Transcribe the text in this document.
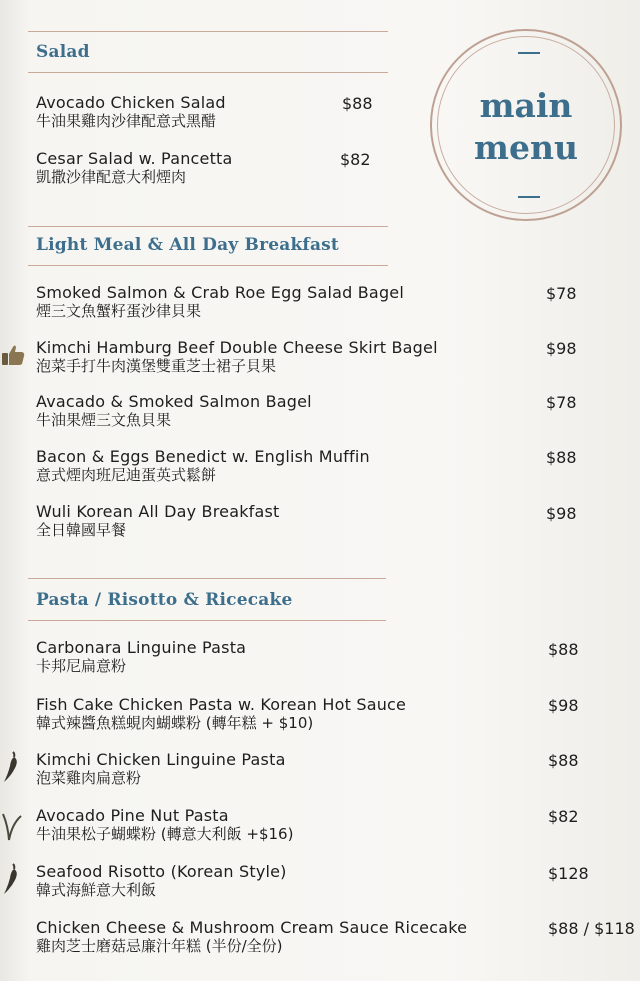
Salad
Light Meal & All Day Breakfast
Pasta / Risotto & Ricecake
main
menu
Avocado Chicken Salad
牛油果雞肉沙律配意式黑醋
$88
Cesar Salad w. Pancetta
凱撒沙律配意大利煙肉
$82
Smoked Salmon & Crab Roe Egg Salad Bagel
煙三文魚蟹籽蛋沙律貝果
$78
Kimchi Hamburg Beef Double Cheese Skirt Bagel
泡菜手打牛肉漢堡雙重芝士裙子貝果
$98
Avacado & Smoked Salmon Bagel
牛油果煙三文魚貝果
$78
Bacon & Eggs Benedict w. English Muffin
意式煙肉班尼迪蛋英式鬆餅
$88
Wuli Korean All Day Breakfast
全日韓國早餐
$98
Carbonara Linguine Pasta
卡邦尼扁意粉
$88
Fish Cake Chicken Pasta w. Korean Hot Sauce
韓式辣醬魚糕蜆肉蝴蝶粉 (轉年糕 + $10)
$98
Kimchi Chicken Linguine Pasta
泡菜雞肉扁意粉
$88
Avocado Pine Nut Pasta
牛油果松子蝴蝶粉 (轉意大利飯 +$16)
$82
Seafood Risotto (Korean Style)
韓式海鮮意大利飯
$128
Chicken Cheese & Mushroom Cream Sauce Ricecake
雞肉芝士磨菇忌廉汁年糕 (半份/全份)
$88 / $118
